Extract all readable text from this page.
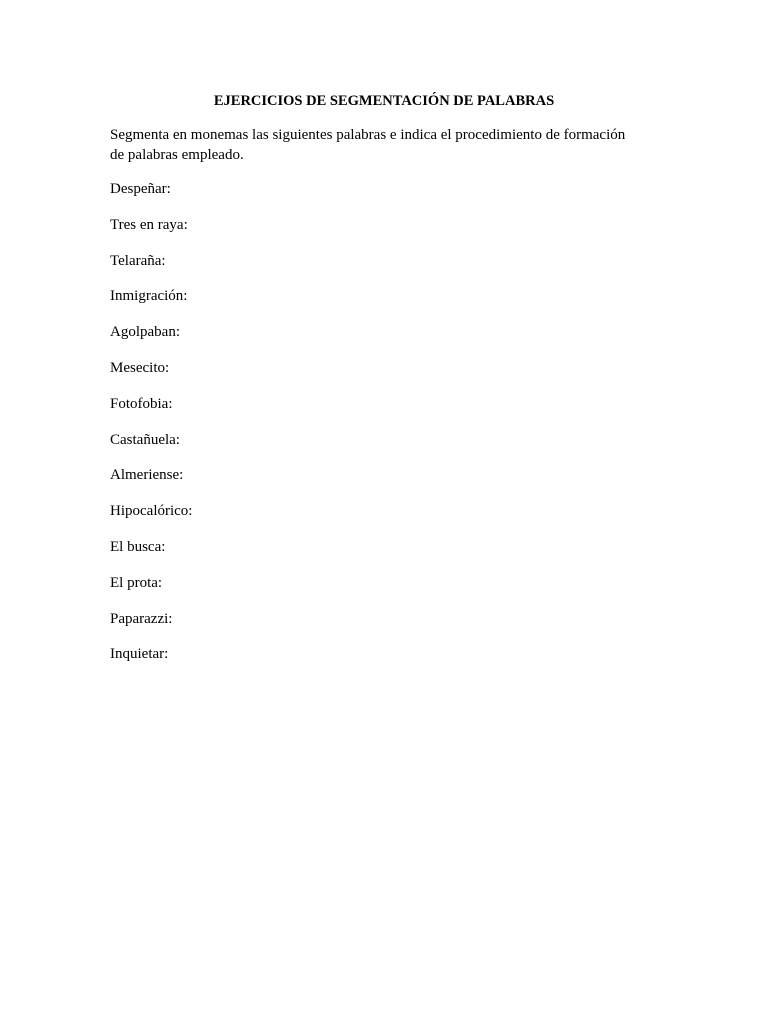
EJERCICIOS DE SEGMENTACIÓN DE PALABRAS

Segmenta en monemas las siguientes palabras e indica el procedimiento de formación
de palabras empleado.

Despeñar:
Tres en raya:
Telaraña:
Inmigración:
Agolpaban:
Mesecito:
Fotofobia:
Castañuela:
Almeriense:
Hipocalórico:
El busca:
El prota:
Paparazzi:
Inquietar:
